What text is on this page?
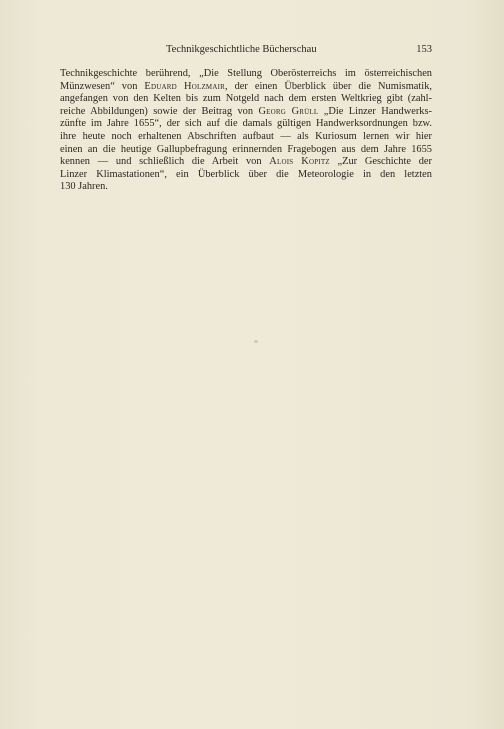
Technikgeschichtliche Bücherschau	153
Technikgeschichte berührend, „Die Stellung Oberösterreichs im österreichischen
Münzwesen“ von Eduard Holzmair, der einen Überblick über die Numismatik,
angefangen von den Kelten bis zum Notgeld nach dem ersten Weltkrieg gibt (zahl-
reiche Abbildungen) sowie der Beitrag von Georg Grüll „Die Linzer Handwerks-
zünfte im Jahre 1655“, der sich auf die damals gültigen Handwerksordnungen bzw.
ihre heute noch erhaltenen Abschriften aufbaut — als Kuriosum lernen wir hier
einen an die heutige Gallupbefragung erinnernden Fragebogen aus dem Jahre 1655
kennen — und schließlich die Arbeit von Alois Kopitz „Zur Geschichte der
Linzer Klimastationen“, ein Überblick über die Meteorologie in den letzten
130 Jahren.
